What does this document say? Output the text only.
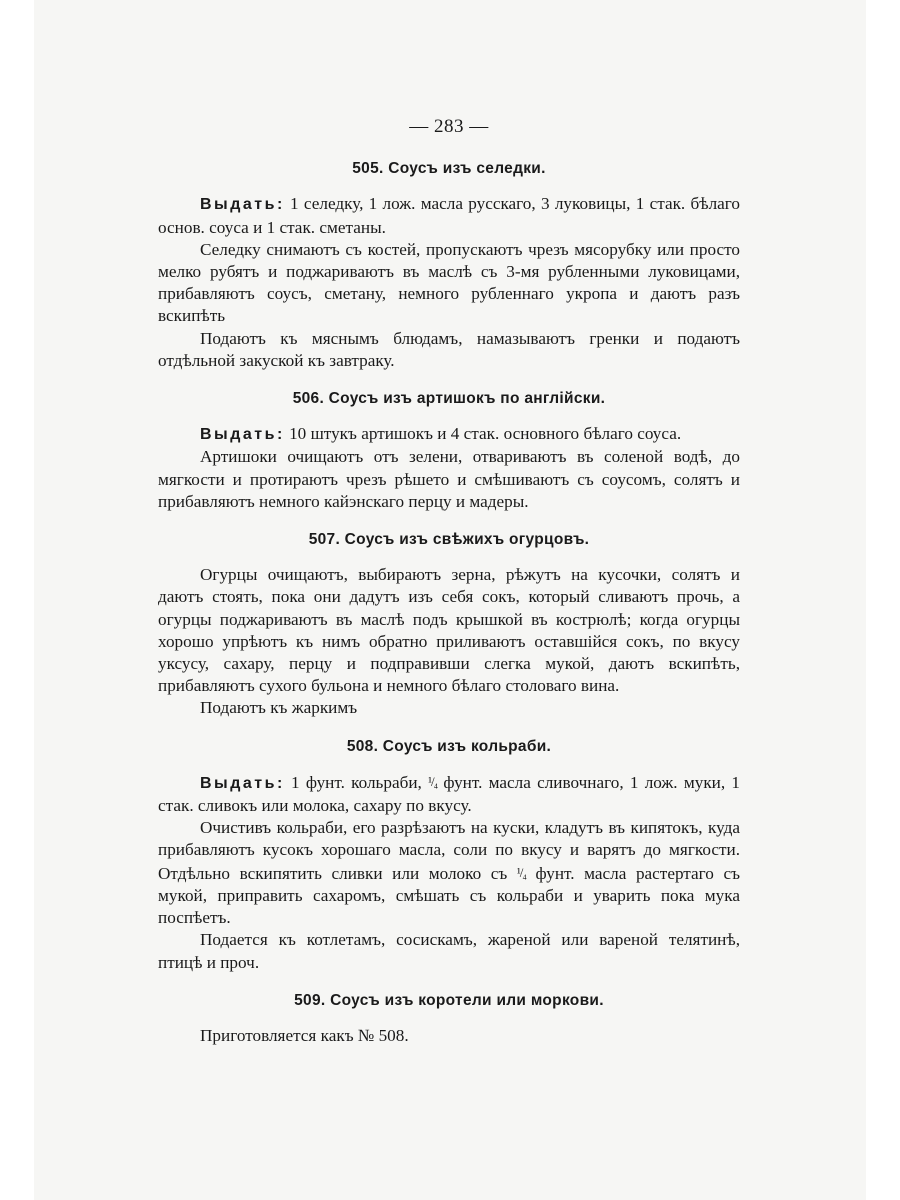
— 283 —
505. Соусъ изъ селедки.

Выдать: 1 селедку, 1 лож. масла русскаго, 3 луковицы, 1 стак. бѣлаго основ. соуса и 1 стак. сметаны.

Селедку снимаютъ съ костей, пропускаютъ чрезъ мясорубку или просто мелко рубятъ и поджариваютъ въ маслѣ съ 3-мя рубленными луковицами, прибавляютъ соусъ, сметану, немного рубленнаго укропа и даютъ разъ вскипѣть

Подаютъ къ мяснымъ блюдамъ, намазываютъ гренки и подаютъ отдѣльной закуской къ завтраку.

506. Соусъ изъ артишокъ по англійски.

Выдать: 10 штукъ артишокъ и 4 стак. основного бѣлаго соуса.

Артишоки очищаютъ отъ зелени, отвариваютъ въ соленой водѣ, до мягкости и протираютъ чрезъ рѣшето и смѣшиваютъ съ соусомъ, солятъ и прибавляютъ немного кайэнскаго перцу и мадеры.

507. Соусъ изъ свѣжихъ огурцовъ.

Огурцы очищаютъ, выбираютъ зерна, рѣжутъ на кусочки, солятъ и даютъ стоять, пока они дадутъ изъ себя сокъ, который сливаютъ прочь, а огурцы поджариваютъ въ маслѣ подъ крышкой въ кострюлѣ; когда огурцы хорошо упрѣютъ къ нимъ обратно приливаютъ оставшійся сокъ, по вкусу уксусу, сахару, перцу и подправивши слегка мукой, даютъ вскипѣть, прибавляютъ сухого бульона и немного бѣлаго столоваго вина.

Подаютъ къ жаркимъ

508. Соусъ изъ кольраби.

Выдать: 1 фунт. кольраби, ¹/₄ фунт. масла сливочнаго, 1 лож. муки, 1 стак. сливокъ или молока, сахару по вкусу.

Очистивъ кольраби, его разрѣзаютъ на куски, кладутъ въ кипятокъ, куда прибавляютъ кусокъ хорошаго масла, соли по вкусу и варятъ до мягкости. Отдѣльно вскипятить сливки или молоко съ ¹/₄ фунт. масла растертаго съ мукой, приправить сахаромъ, смѣшать съ кольраби и уварить пока мука поспѣетъ.

Подается къ котлетамъ, сосискамъ, жареной или вареной телятинѣ, птицѣ и проч.

509. Соусъ изъ коротели или моркови.

Приготовляется какъ № 508.
